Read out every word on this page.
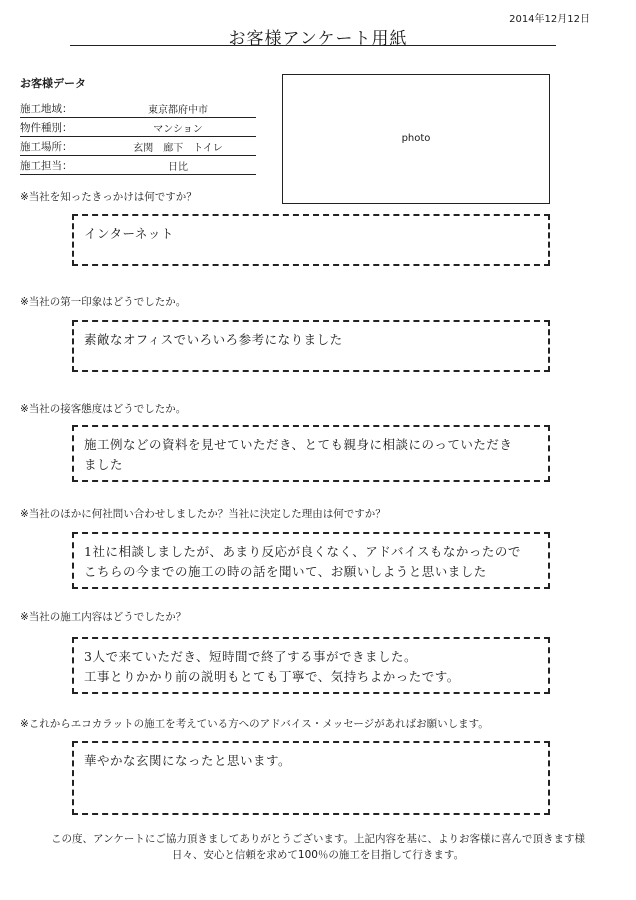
2014年12月12日
お客様アンケート用紙
お客様データ
施工地域：	東京都府中市
物件種別：	マンション
施工場所：	玄関　廊下　トイレ
施工担当：	日比
photo
※当社を知ったきっかけは何ですか？
インターネット
※当社の第一印象はどうでしたか。
素敵なオフィスでいろいろ参考になりました
※当社の接客態度はどうでしたか。
施工例などの資料を見せていただき、とても親身に相談にのっていただき
ました
※当社のほかに何社問い合わせしましたか？当社に決定した理由は何ですか？
1社に相談しましたが、あまり反応が良くなく、アドバイスもなかったので
こちらの今までの施工の時の話を聞いて、お願いしようと思いました
※当社の施工内容はどうでしたか？
3人で来ていただき、短時間で終了する事ができました。
工事とりかかり前の説明もとても丁寧で、気持ちよかったです。
※これからエコカラットの施工を考えている方へのアドバイス・メッセージがあればお願いします。
華やかな玄関になったと思います。
この度、アンケートにご協力頂きましてありがとうございます。上記内容を基に、よりお客様に喜んで頂きます様
日々、安心と信頼を求めて100％の施工を目指して行きます。
